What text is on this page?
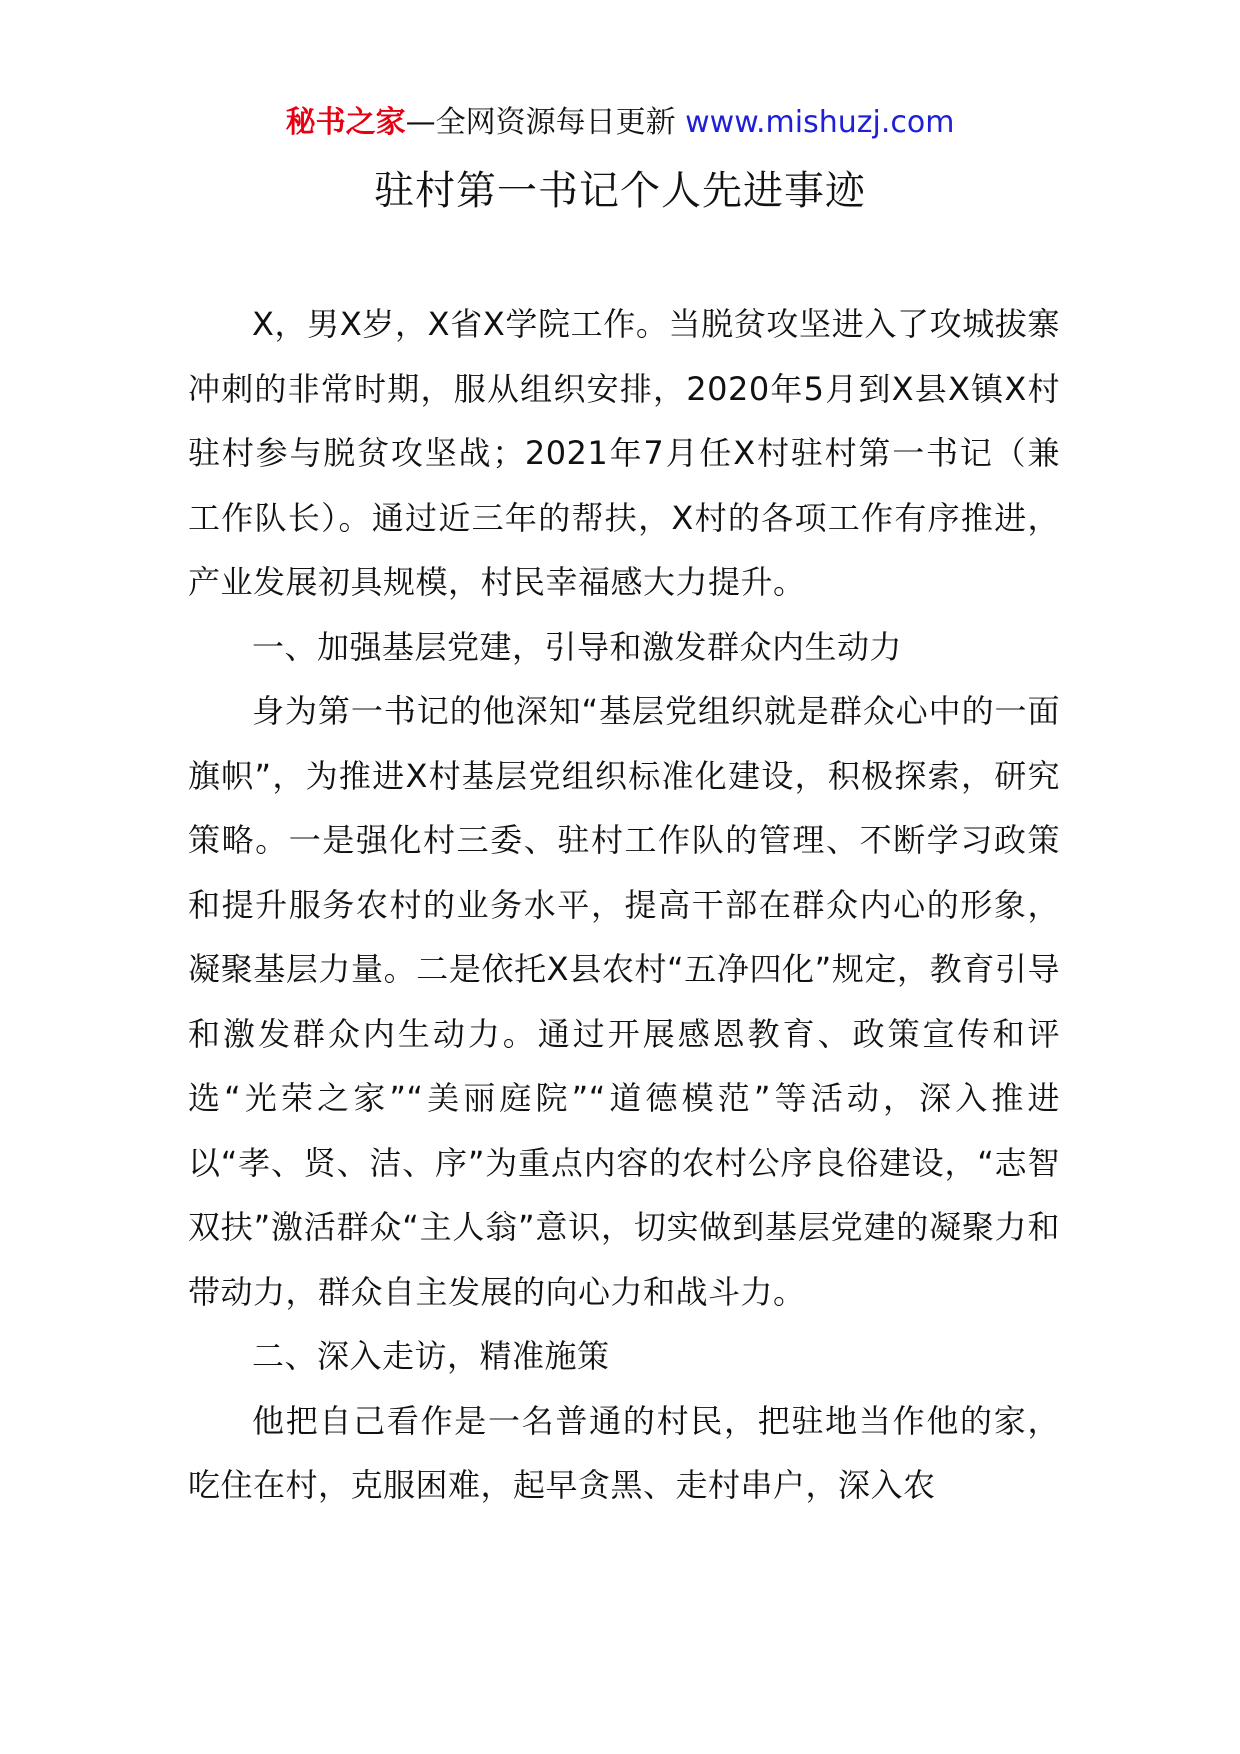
秘书之家—全网资源每日更新 www.mishuzj.com
驻村第一书记个人先进事迹

X，男X岁，X省X学院工作。当脱贫攻坚进入了攻城拔寨冲刺的非常时期，服从组织安排，2020年5月到X县X镇X村驻村参与脱贫攻坚战；2021年7月任X村驻村第一书记（兼工作队长）。通过近三年的帮扶，X村的各项工作有序推进，产业发展初具规模，村民幸福感大力提升。

一、加强基层党建，引导和激发群众内生动力

身为第一书记的他深知“基层党组织就是群众心中的一面旗帜”，为推进X村基层党组织标准化建设，积极探索，研究策略。一是强化村三委、驻村工作队的管理、不断学习政策和提升服务农村的业务水平，提高干部在群众内心的形象，凝聚基层力量。二是依托X县农村“五净四化”规定，教育引导和激发群众内生动力。通过开展感恩教育、政策宣传和评选“光荣之家”“美丽庭院”“道德模范”等活动，深入推进以“孝、贤、洁、序”为重点内容的农村公序良俗建设，“志智双扶”激活群众“主人翁”意识，切实做到基层党建的凝聚力和带动力，群众自主发展的向心力和战斗力。

二、深入走访，精准施策

他把自己看作是一名普通的村民，把驻地当作他的家，吃住在村，克服困难，起早贪黑、走村串户，深入农
